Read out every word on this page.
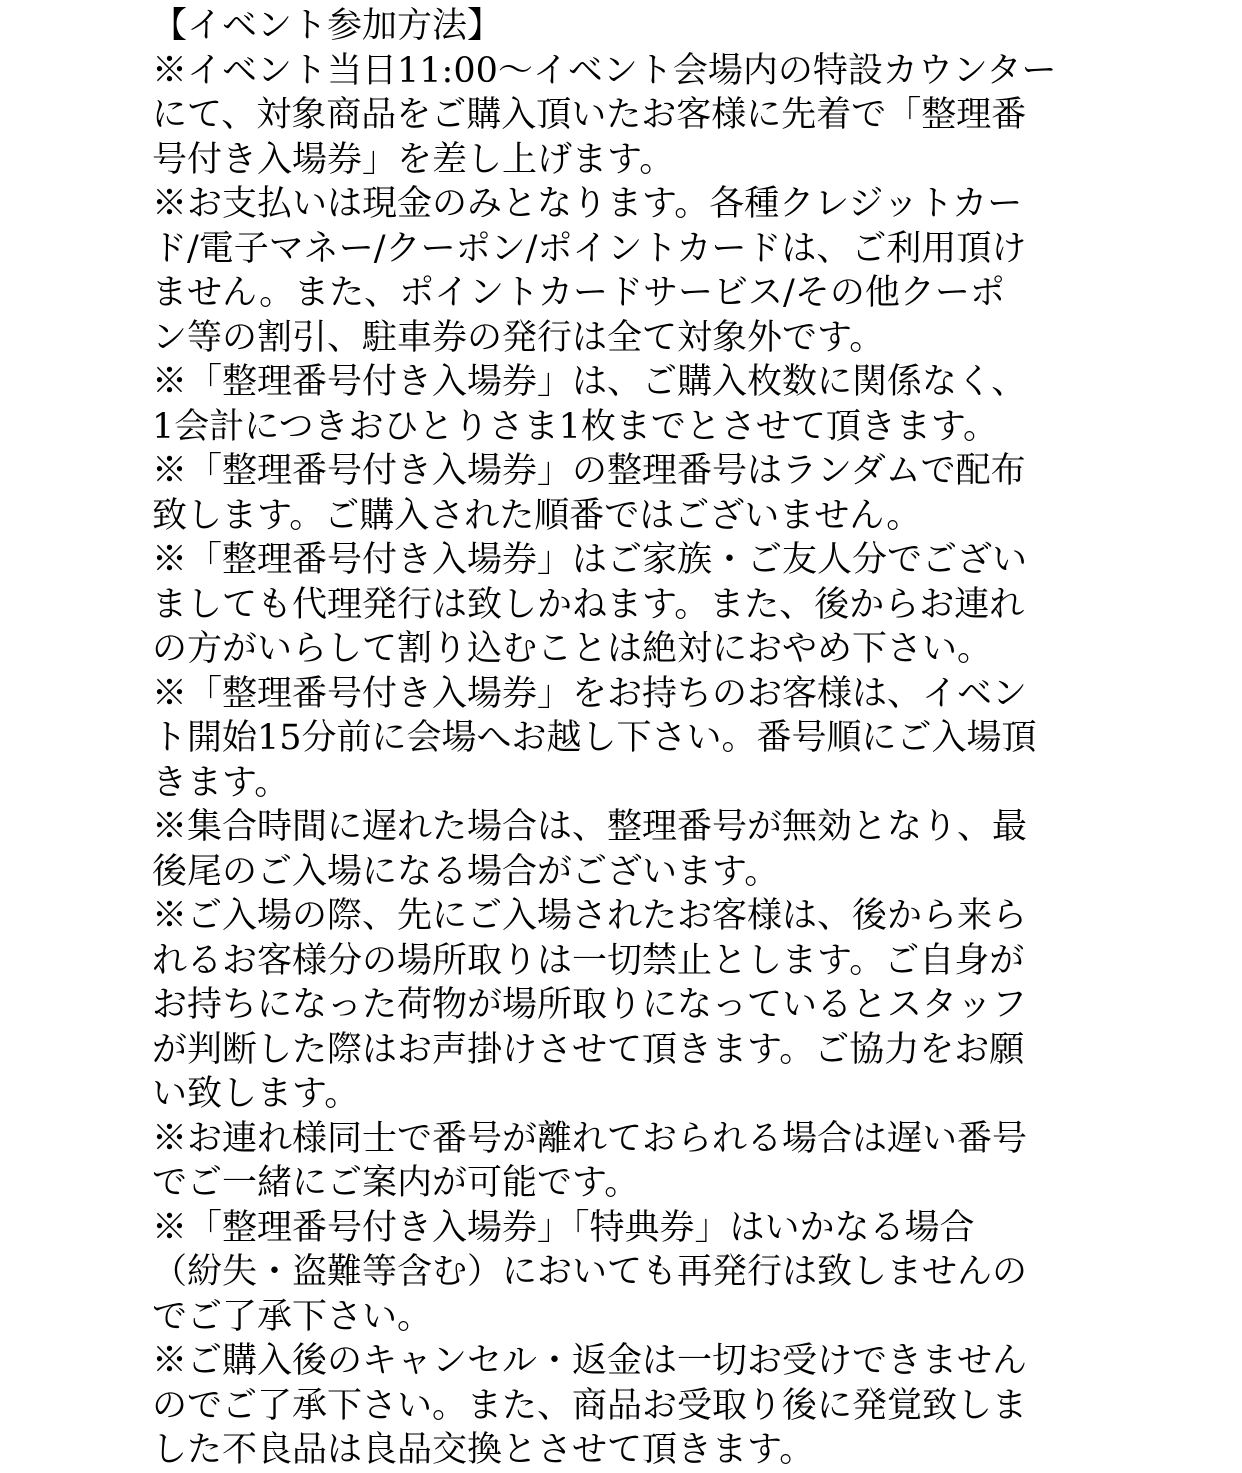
【イベント参加方法】
※イベント当日11:00〜イベント会場内の特設カウンター
にて、対象商品をご購入頂いたお客様に先着で「整理番
号付き入場券」を差し上げます。
※お支払いは現金のみとなります。各種クレジットカー
ド/電子マネー/クーポン/ポイントカードは、ご利用頂け
ません。また、ポイントカードサービス/その他クーポ
ン等の割引、駐車券の発行は全て対象外です。
※「整理番号付き入場券」は、ご購入枚数に関係なく、
1会計につきおひとりさま1枚までとさせて頂きます。
※「整理番号付き入場券」の整理番号はランダムで配布
致します。ご購入された順番ではございません。
※「整理番号付き入場券」はご家族・ご友人分でござい
ましても代理発行は致しかねます。また、後からお連れ
の方がいらして割り込むことは絶対におやめ下さい。
※「整理番号付き入場券」をお持ちのお客様は、イベン
ト開始15分前に会場へお越し下さい。番号順にご入場頂
きます。
※集合時間に遅れた場合は、整理番号が無効となり、最
後尾のご入場になる場合がございます。
※ご入場の際、先にご入場されたお客様は、後から来ら
れるお客様分の場所取りは一切禁止とします。ご自身が
お持ちになった荷物が場所取りになっているとスタッフ
が判断した際はお声掛けさせて頂きます。ご協力をお願
い致します。
※お連れ様同士で番号が離れておられる場合は遅い番号
でご一緒にご案内が可能です。
※「整理番号付き入場券」「特典券」はいかなる場合
（紛失・盗難等含む）においても再発行は致しませんの
でご了承下さい。
※ご購入後のキャンセル・返金は一切お受けできません
のでご了承下さい。また、商品お受取り後に発覚致しま
した不良品は良品交換とさせて頂きます。
